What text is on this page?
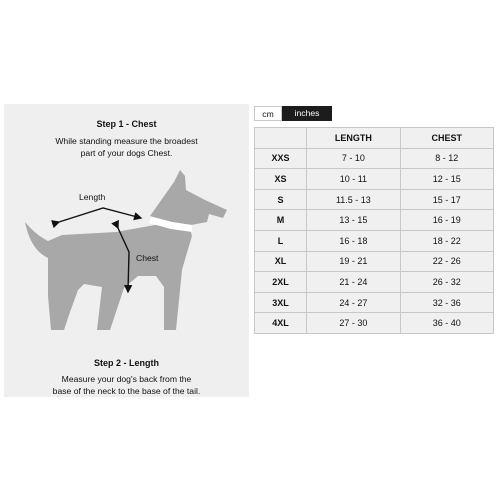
Step 1 - Chest
While standing measure the broadest
part of your dogs Chest.
Length
Chest
Step 2 - Length
Measure your dog's back from the
base of the neck to the base of the tail.
cm	inches
	LENGTH	CHEST
XXS	7 - 10	8 - 12
XS	10 - 11	12 - 15
S	11.5 - 13	15 - 17
M	13 - 15	16 - 19
L	16 - 18	18 - 22
XL	19 - 21	22 - 26
2XL	21 - 24	26 - 32
3XL	24 - 27	32 - 36
4XL	27 - 30	36 - 40
